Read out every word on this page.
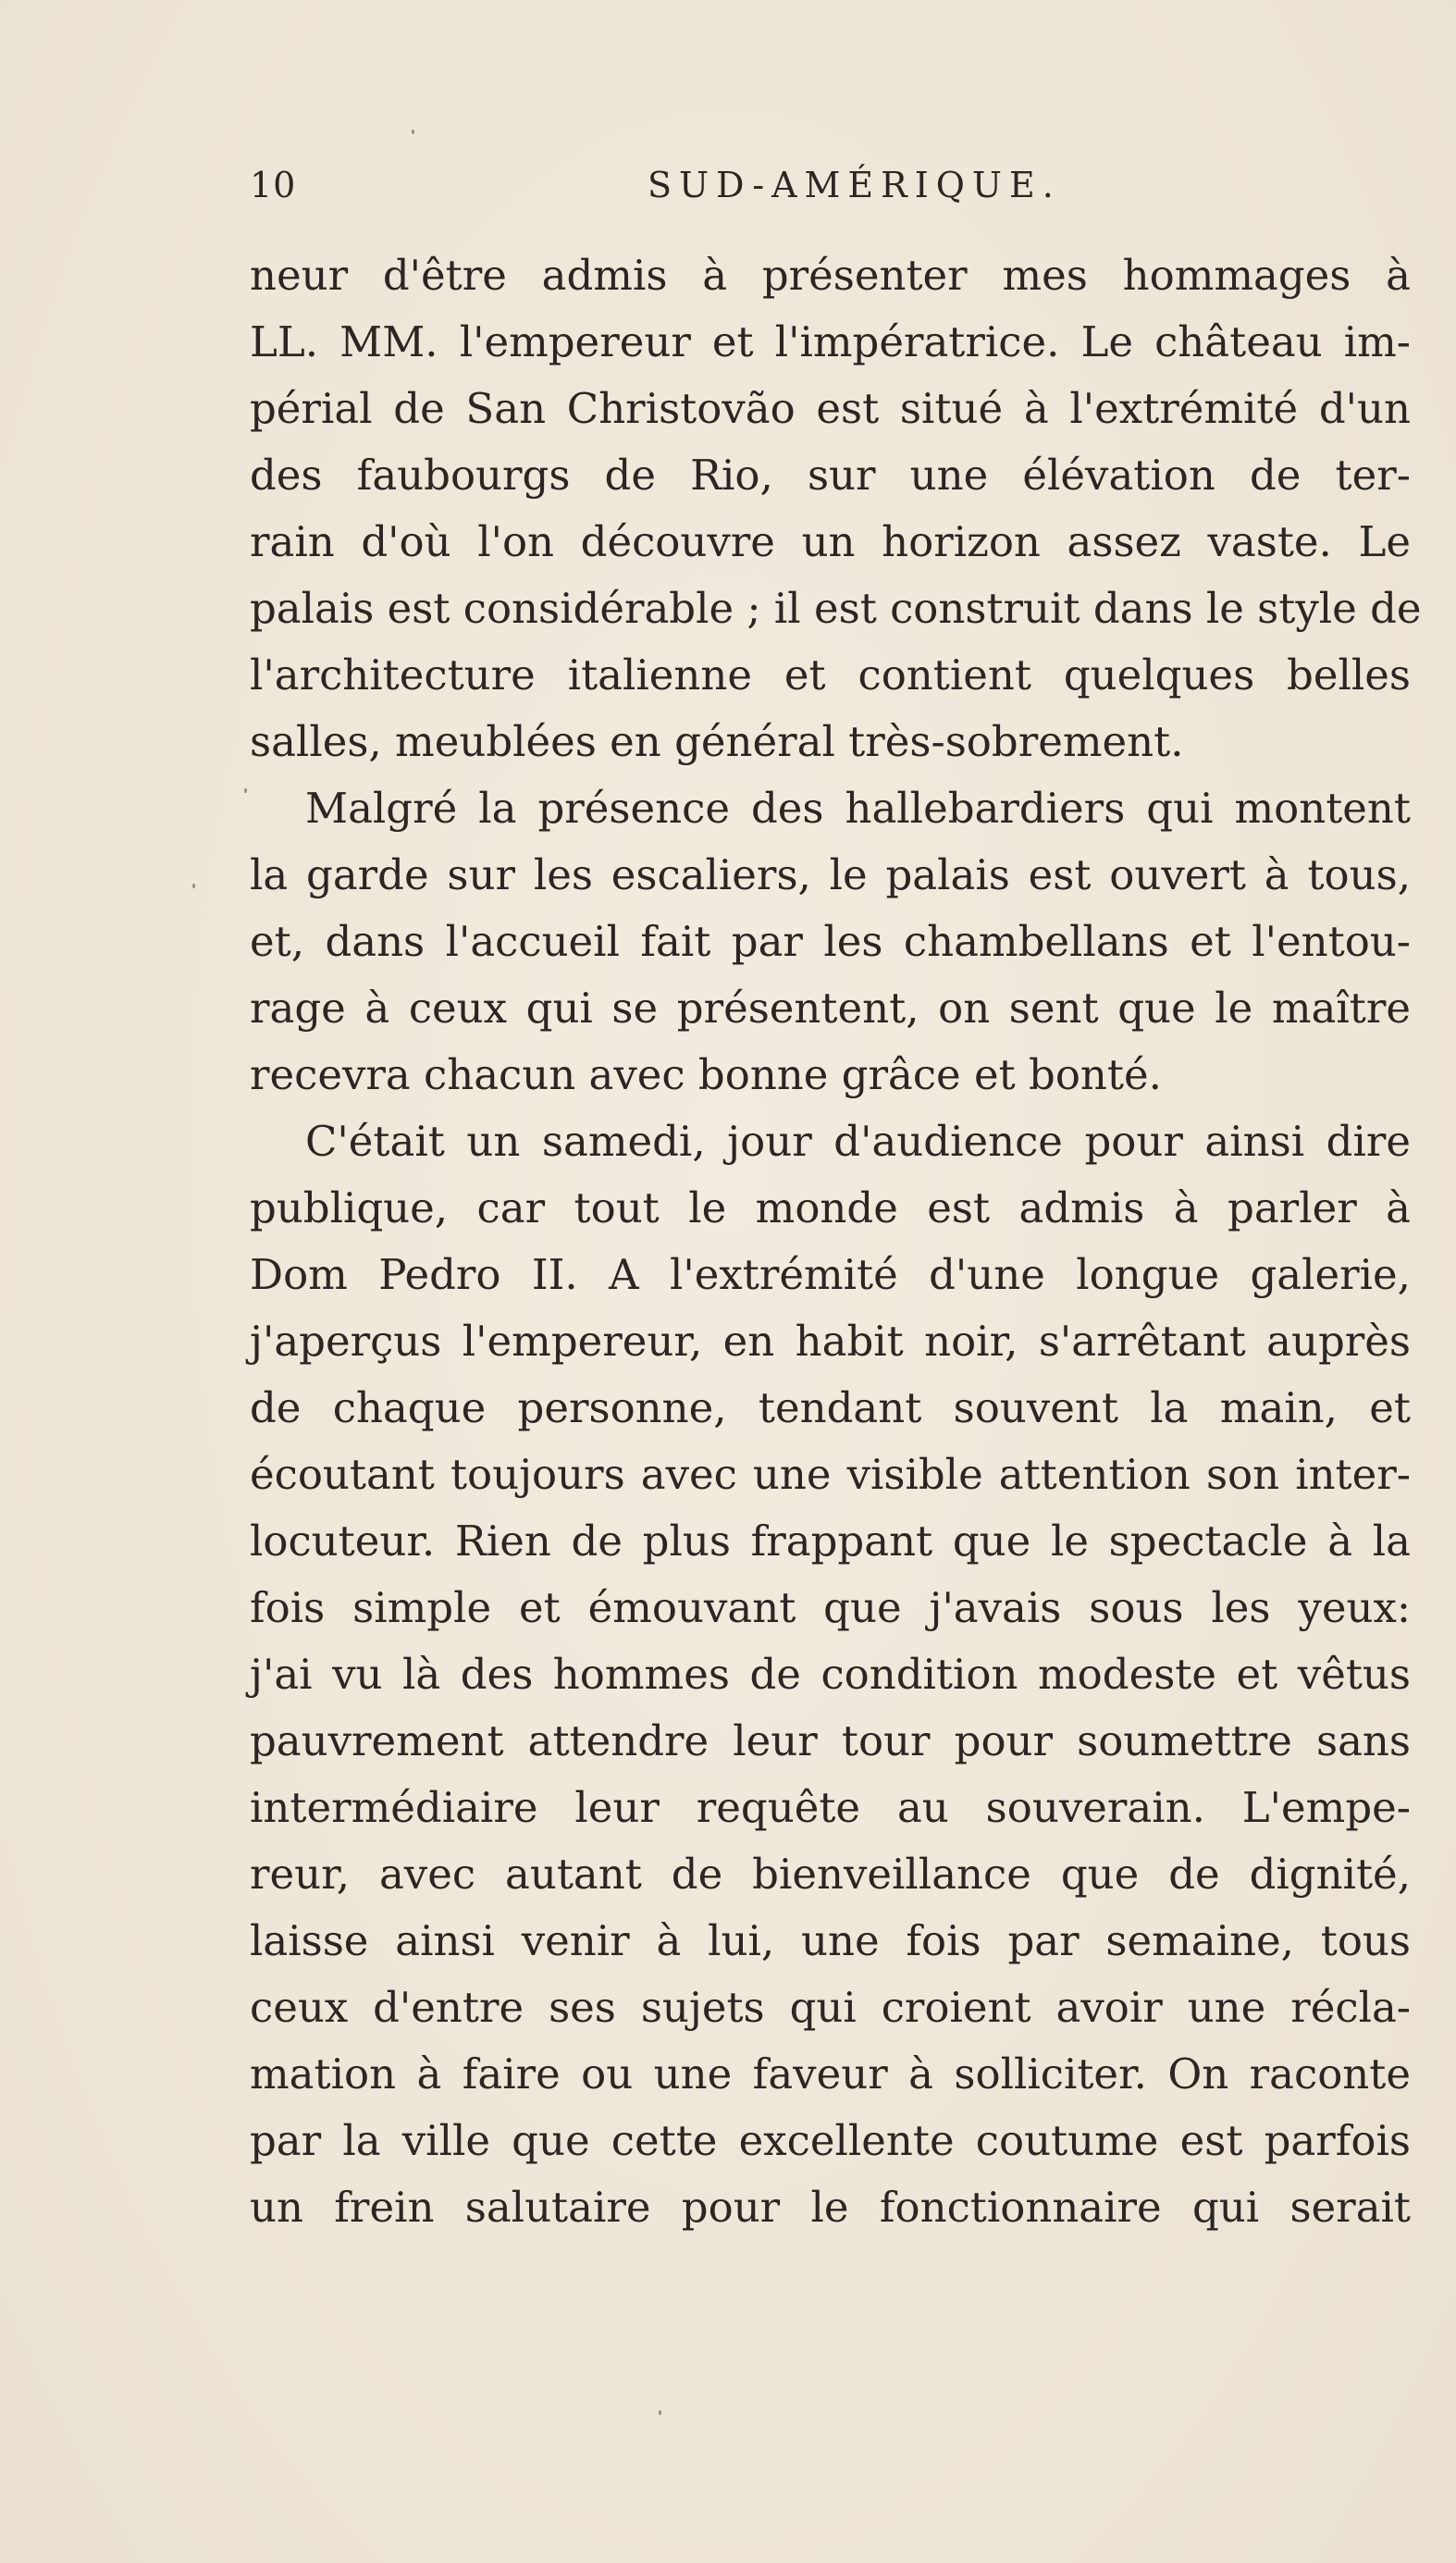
10	SUD-AMÉRIQUE.
neur d'être admis à présenter mes hommages à
LL. MM. l'empereur et l'impératrice. Le château im-
périal de San Christovão est situé à l'extrémité d'un
des faubourgs de Rio, sur une élévation de ter-
rain d'où l'on découvre un horizon assez vaste. Le
palais est considérable ; il est construit dans le style de
l'architecture italienne et contient quelques belles
salles, meublées en général très-sobrement.
Malgré la présence des hallebardiers qui montent
la garde sur les escaliers, le palais est ouvert à tous,
et, dans l'accueil fait par les chambellans et l'entou-
rage à ceux qui se présentent, on sent que le maître
recevra chacun avec bonne grâce et bonté.
C'était un samedi, jour d'audience pour ainsi dire
publique, car tout le monde est admis à parler à
Dom Pedro II. A l'extrémité d'une longue galerie,
j'aperçus l'empereur, en habit noir, s'arrêtant auprès
de chaque personne, tendant souvent la main, et
écoutant toujours avec une visible attention son inter-
locuteur. Rien de plus frappant que le spectacle à la
fois simple et émouvant que j'avais sous les yeux:
j'ai vu là des hommes de condition modeste et vêtus
pauvrement attendre leur tour pour soumettre sans
intermédiaire leur requête au souverain. L'empe-
reur, avec autant de bienveillance que de dignité,
laisse ainsi venir à lui, une fois par semaine, tous
ceux d'entre ses sujets qui croient avoir une récla-
mation à faire ou une faveur à solliciter. On raconte
par la ville que cette excellente coutume est parfois
un frein salutaire pour le fonctionnaire qui serait
